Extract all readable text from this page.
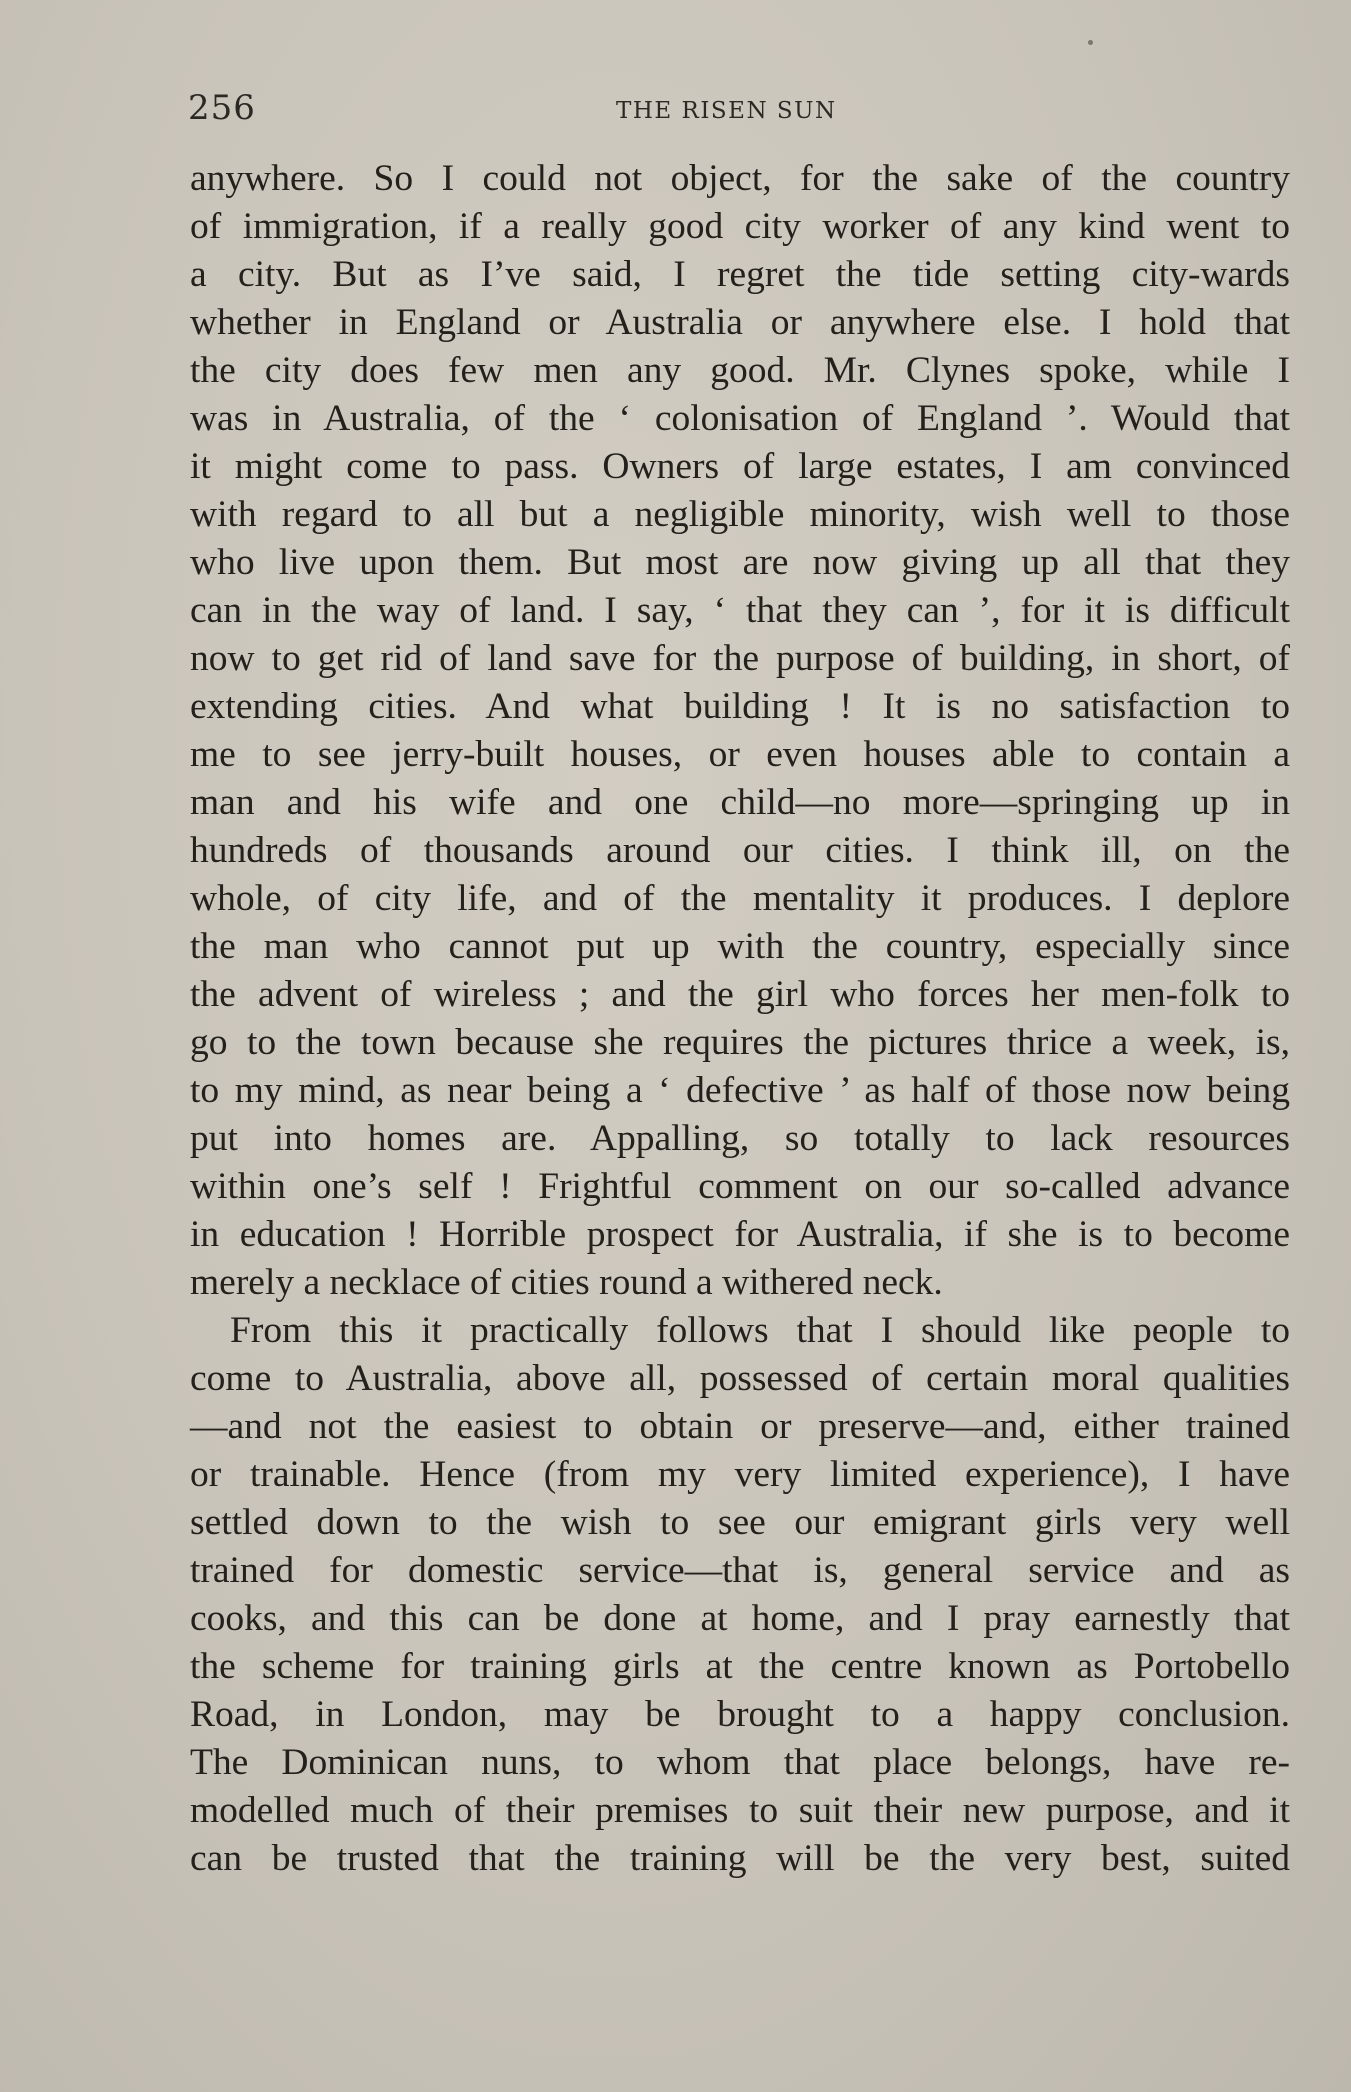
256	THE RISEN SUN
anywhere. So I could not object, for the sake of the country
of immigration, if a really good city worker of any kind went to
a city. But as I’ve said, I regret the tide setting city-wards
whether in England or Australia or anywhere else. I hold that
the city does few men any good. Mr. Clynes spoke, while I
was in Australia, of the ‘ colonisation of England ’. Would that
it might come to pass. Owners of large estates, I am convinced
with regard to all but a negligible minority, wish well to those
who live upon them. But most are now giving up all that they
can in the way of land. I say, ‘ that they can ’, for it is difficult
now to get rid of land save for the purpose of building, in short, of
extending cities. And what building ! It is no satisfaction to
me to see jerry-built houses, or even houses able to contain a
man and his wife and one child—no more—springing up in
hundreds of thousands around our cities. I think ill, on the
whole, of city life, and of the mentality it produces. I deplore
the man who cannot put up with the country, especially since
the advent of wireless ; and the girl who forces her men-folk to
go to the town because she requires the pictures thrice a week, is,
to my mind, as near being a ‘ defective ’ as half of those now being
put into homes are. Appalling, so totally to lack resources
within one’s self ! Frightful comment on our so-called advance
in education ! Horrible prospect for Australia, if she is to become
merely a necklace of cities round a withered neck.
From this it practically follows that I should like people to
come to Australia, above all, possessed of certain moral qualities
—and not the easiest to obtain or preserve—and, either trained
or trainable. Hence (from my very limited experience), I have
settled down to the wish to see our emigrant girls very well
trained for domestic service—that is, general service and as
cooks, and this can be done at home, and I pray earnestly that
the scheme for training girls at the centre known as Portobello
Road, in London, may be brought to a happy conclusion.
The Dominican nuns, to whom that place belongs, have re-
modelled much of their premises to suit their new purpose, and it
can be trusted that the training will be the very best, suited
